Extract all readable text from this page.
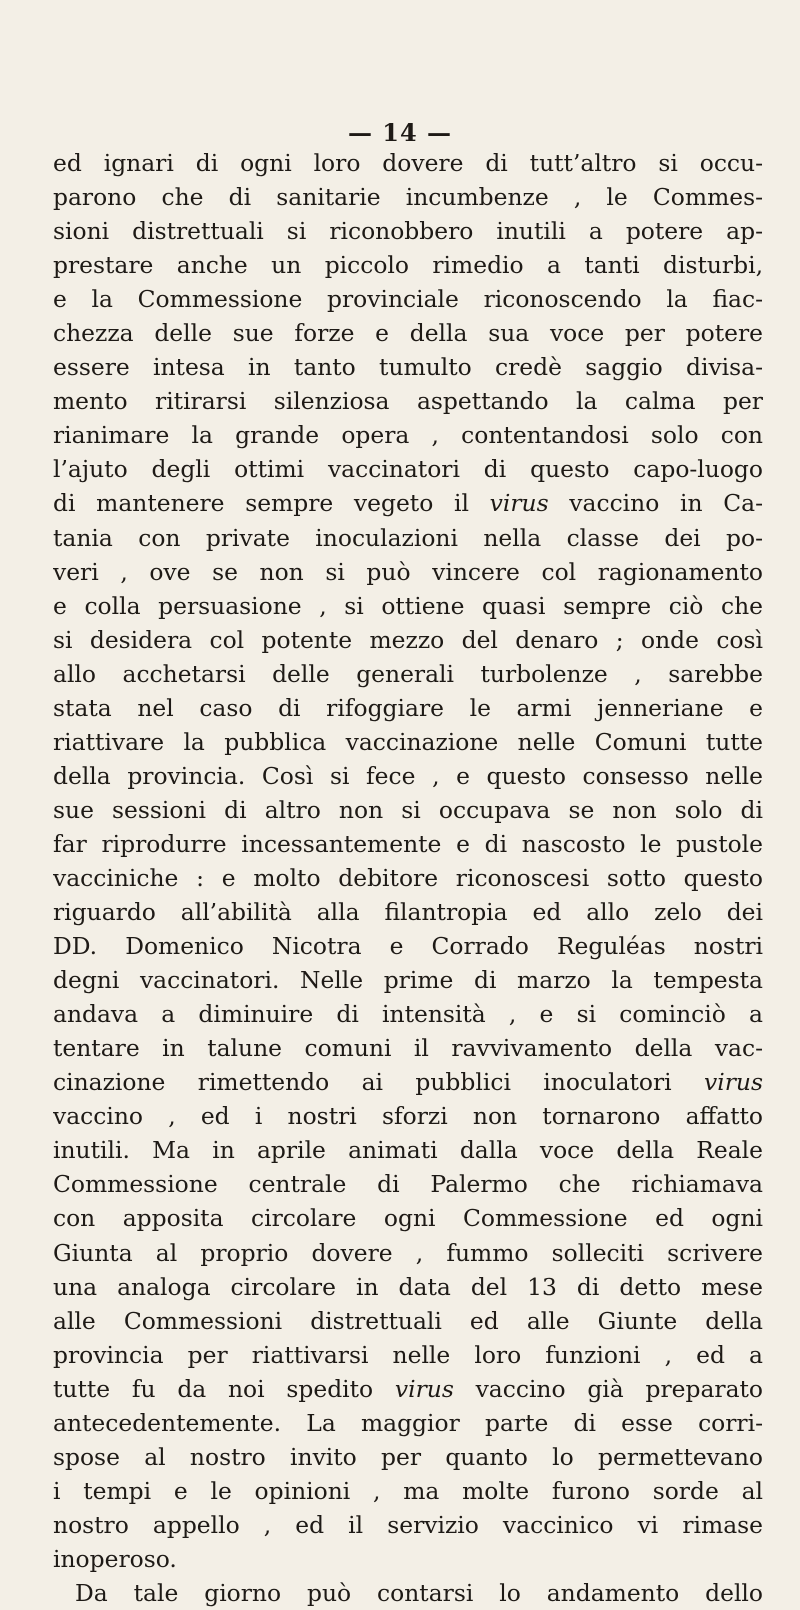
— 14 —
ed ignari di ogni loro dovere di tutt’altro si occu-
parono che di sanitarie incumbenze , le Commes-
sioni distrettuali si riconobbero inutili a potere ap-
prestare anche un piccolo rimedio a tanti disturbi,
e la Commessione provinciale riconoscendo la fiac-
chezza delle sue forze e della sua voce per potere
essere intesa in tanto tumulto credè saggio divisa-
mento ritirarsi silenziosa aspettando la calma per
rianimare la grande opera , contentandosi solo con
l’ajuto degli ottimi vaccinatori di questo capo-luogo
di mantenere sempre vegeto il virus vaccino in Ca-
tania con private inoculazioni nella classe dei po-
veri , ove se non si può vincere col ragionamento
e colla persuasione , si ottiene quasi sempre ciò che
si desidera col potente mezzo del denaro ; onde così
allo acchetarsi delle generali turbolenze , sarebbe
stata nel caso di rifoggiare le armi jenneriane e
riattivare la pubblica vaccinazione nelle Comuni tutte
della provincia. Così si fece , e questo consesso nelle
sue sessioni di altro non si occupava se non solo di
far riprodurre incessantemente e di nascosto le pustole
vacciniche : e molto debitore riconoscesi sotto questo
riguardo all’abilità alla filantropia ed allo zelo dei
DD. Domenico Nicotra e Corrado Reguléas nostri
degni vaccinatori. Nelle prime di marzo la tempesta
andava a diminuire di intensità , e si cominciò a
tentare in talune comuni il ravvivamento della vac-
cinazione rimettendo ai pubblici inoculatori virus
vaccino , ed i nostri sforzi non tornarono affatto
inutili. Ma in aprile animati dalla voce della Reale
Commessione centrale di Palermo che richiamava
con apposita circolare ogni Commessione ed ogni
Giunta al proprio dovere , fummo solleciti scrivere
una analoga circolare in data del 13 di detto mese
alle Commessioni distrettuali ed alle Giunte della
provincia per riattivarsi nelle loro funzioni , ed a
tutte fu da noi spedito virus vaccino già preparato
antecedentemente. La maggior parte di esse corri-
spose al nostro invito per quanto lo permettevano
i tempi e le opinioni , ma molte furono sorde al
nostro appello , ed il servizio vaccinico vi rimase
inoperoso.
Da tale giorno può contarsi lo andamento dello
